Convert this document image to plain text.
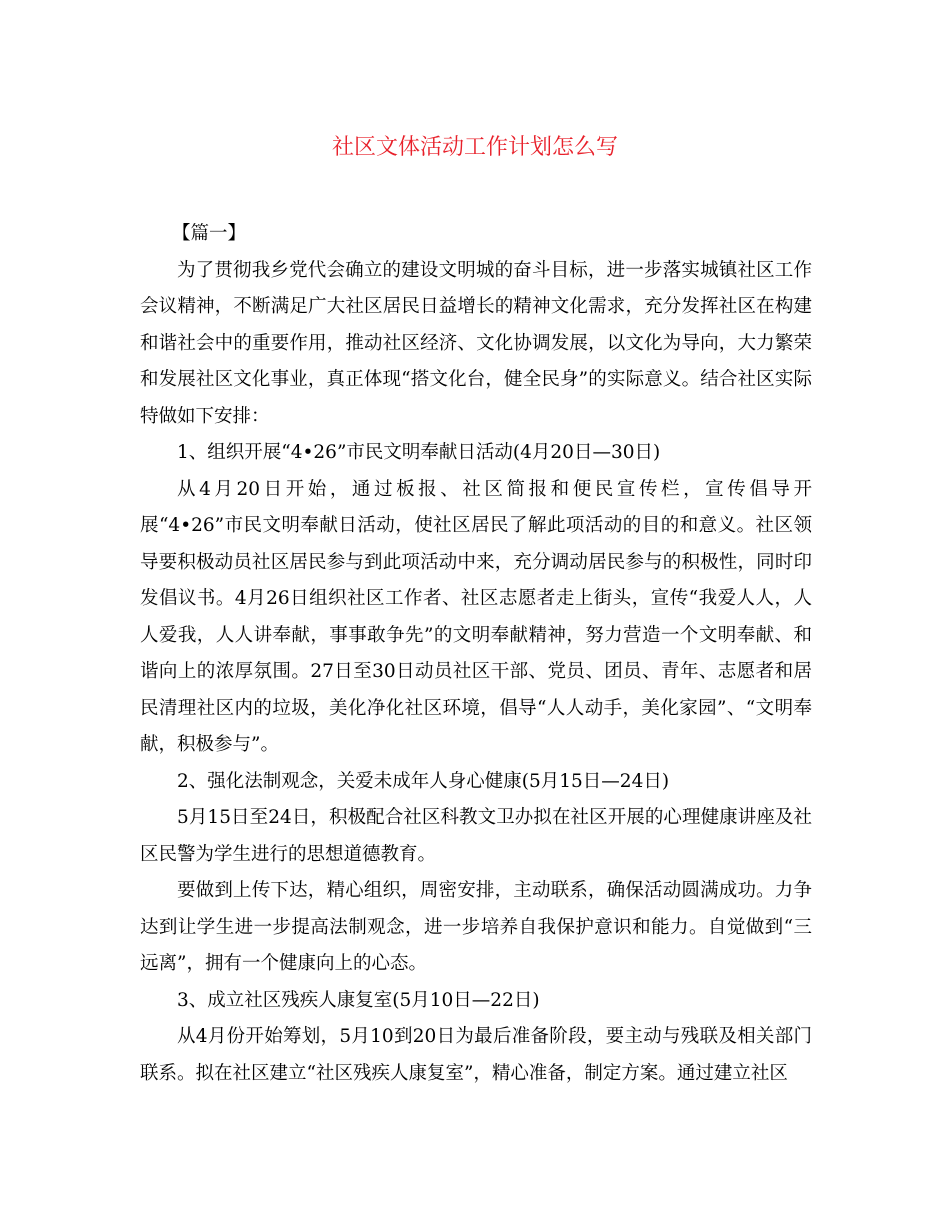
社区文体活动工作计划怎么写

【篇一】

为了贯彻我乡党代会确立的建设文明城的奋斗目标，进一步落实城镇社区工作会议精神，不断满足广大社区居民日益增长的精神文化需求，充分发挥社区在构建和谐社会中的重要作用，推动社区经济、文化协调发展，以文化为导向，大力繁荣和发展社区文化事业，真正体现“搭文化台，健全民身”的实际意义。结合社区实际特做如下安排：

1、组织开展“4•26”市民文明奉献日活动(4月20日—30日)

从4月20日开始，通过板报、社区简报和便民宣传栏，宣传倡导开展“4•26”市民文明奉献日活动，使社区居民了解此项活动的目的和意义。社区领导要积极动员社区居民参与到此项活动中来，充分调动居民参与的积极性，同时印发倡议书。4月26日组织社区工作者、社区志愿者走上街头，宣传“我爱人人，人人爱我，人人讲奉献，事事敢争先”的文明奉献精神，努力营造一个文明奉献、和谐向上的浓厚氛围。27日至30日动员社区干部、党员、团员、青年、志愿者和居民清理社区内的垃圾，美化净化社区环境，倡导“人人动手，美化家园”、“文明奉献，积极参与”。

2、强化法制观念，关爱未成年人身心健康(5月15日—24日)

5月15日至24日，积极配合社区科教文卫办拟在社区开展的心理健康讲座及社区民警为学生进行的思想道德教育。

要做到上传下达，精心组织，周密安排，主动联系，确保活动圆满成功。力争达到让学生进一步提高法制观念，进一步培养自我保护意识和能力。自觉做到“三远离”，拥有一个健康向上的心态。

3、成立社区残疾人康复室(5月10日—22日)

从4月份开始筹划，5月10到20日为最后准备阶段，要主动与残联及相关部门联系。拟在社区建立“社区残疾人康复室”，精心准备，制定方案。通过建立社区
